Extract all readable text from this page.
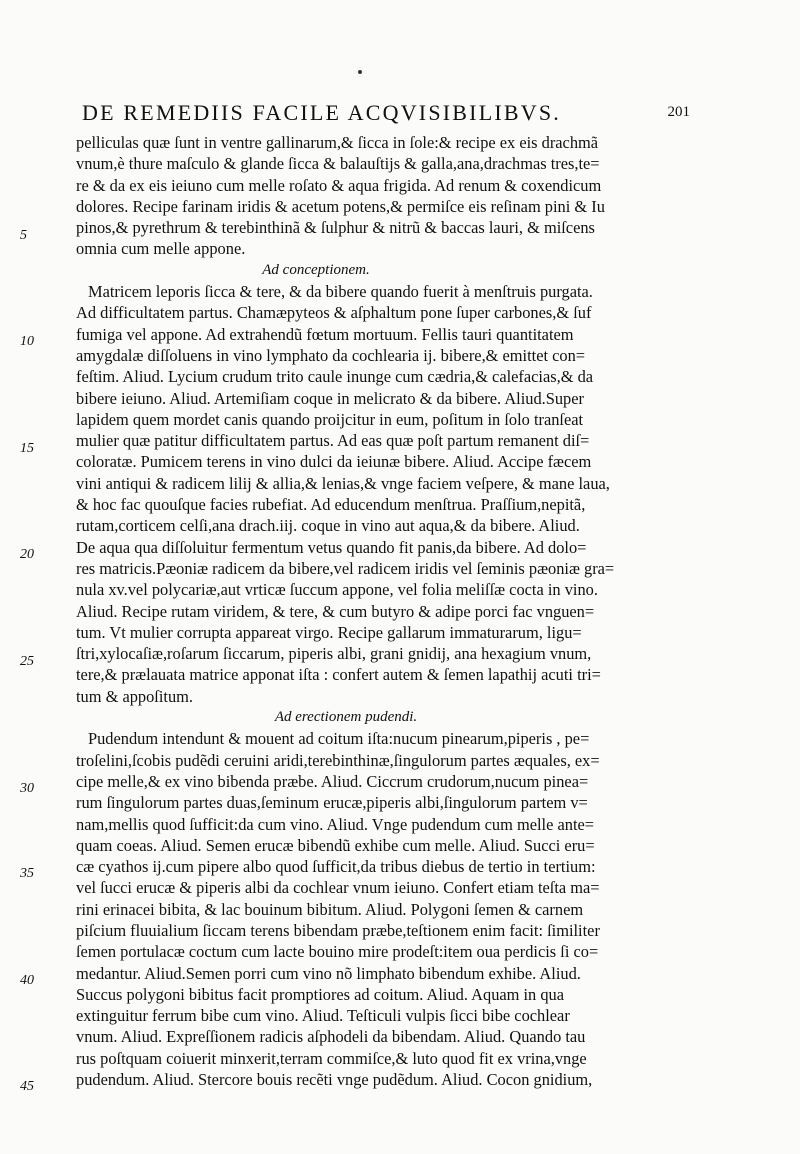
DE REMEDIIS FACILE ACQVISIBILIBVS.	201
5
10
15
20
25
30
35
40
45
pelliculas quæ ſunt in ventre gallinarum,& ſicca in ſole:& recipe ex eis drachmã
vnum,è thure maſculo & glande ſicca & balauſtijs & galla,ana,drachmas tres,te=
re & da ex eis ieiuno cum melle roſato & aqua frigida. Ad renum & coxendicum
dolores. Recipe farinam iridis & acetum potens,& permiſce eis reſinam pini & Iu
pinos,& pyrethrum & terebinthinã & ſulphur & nitrũ & baccas lauri, & miſcens
omnia cum melle appone.
Ad conceptionem.
Matricem leporis ſicca & tere, & da bibere quando fuerit à menſtruis purgata.
Ad difficultatem partus. Chamæpyteos & aſphaltum pone ſuper carbones,& ſuf
fumiga vel appone. Ad extrahendũ fœtum mortuum. Fellis tauri quantitatem
amygdalæ diſſoluens in vino lymphato da cochlearia ij. bibere,& emittet con=
feſtim. Aliud. Lycium crudum trito caule inunge cum cædria,& calefacias,& da
bibere ieiuno. Aliud. Artemiſiam coque in melicrato & da bibere. Aliud.Super
lapidem quem mordet canis quando proijcitur in eum, poſitum in ſolo tranſeat
mulier quæ patitur difficultatem partus. Ad eas quæ poſt partum remanent diſ=
coloratæ. Pumicem terens in vino dulci da ieiunæ bibere. Aliud. Accipe fæcem
vini antiqui & radicem lilij & allia,& lenias,& vnge faciem veſpere, & mane laua,
& hoc fac quouſque facies rubefiat. Ad educendum menſtrua. Praſſium,nepitã,
rutam,corticem celſi,ana drach.iij. coque in vino aut aqua,& da bibere. Aliud.
De aqua qua diſſoluitur fermentum vetus quando fit panis,da bibere. Ad dolo=
res matricis.Pæoniæ radicem da bibere,vel radicem iridis vel ſeminis pæoniæ gra=
nula xv.vel polycariæ,aut vrticæ ſuccum appone, vel folia meliſſæ cocta in vino.
Aliud. Recipe rutam viridem, & tere, & cum butyro & adipe porci fac vnguen=
tum. Vt mulier corrupta appareat virgo. Recipe gallarum immaturarum, ligu=
ſtri,xylocaſiæ,roſarum ſiccarum, piperis albi, grani gnidij, ana hexagium vnum,
tere,& prælauata matrice apponat iſta : confert autem & ſemen lapathij acuti tri=
tum & appoſitum.
Ad erectionem pudendi.
Pudendum intendunt & mouent ad coitum iſta:nucum pinearum,piperis , pe=
troſelini,ſcobis pudẽdi ceruini aridi,terebinthinæ,ſingulorum partes æquales, ex=
cipe melle,& ex vino bibenda præbe. Aliud. Ciccrum crudorum,nucum pinea=
rum ſingulorum partes duas,ſeminum erucæ,piperis albi,ſingulorum partem v=
nam,mellis quod ſufficit:da cum vino. Aliud. Vnge pudendum cum melle ante=
quam coeas. Aliud. Semen erucæ bibendũ exhibe cum melle. Aliud. Succi eru=
cæ cyathos ij.cum pipere albo quod ſufficit,da tribus diebus de tertio in tertium:
vel ſucci erucæ & piperis albi da cochlear vnum ieiuno. Confert etiam teſta ma=
rini erinacei bibita, & lac bouinum bibitum. Aliud. Polygoni ſemen & carnem
piſcium fluuialium ſiccam terens bibendam præbe,teſtionem enim facit: ſimiliter
ſemen portulacæ coctum cum lacte bouino mire prodeſt:item oua perdicis ſi co=
medantur. Aliud.Semen porri cum vino nõ limphato bibendum exhibe. Aliud.
Succus polygoni bibitus facit promptiores ad coitum. Aliud. Aquam in qua
extinguitur ferrum bibe cum vino. Aliud. Teſticuli vulpis ſicci bibe cochlear
vnum. Aliud. Expreſſionem radicis aſphodeli da bibendam. Aliud. Quando tau
rus poſtquam coiuerit minxerit,terram commiſce,& luto quod fit ex vrina,vnge
pudendum. Aliud. Stercore bouis recẽti vnge pudẽdum. Aliud. Cocon gnidium,
